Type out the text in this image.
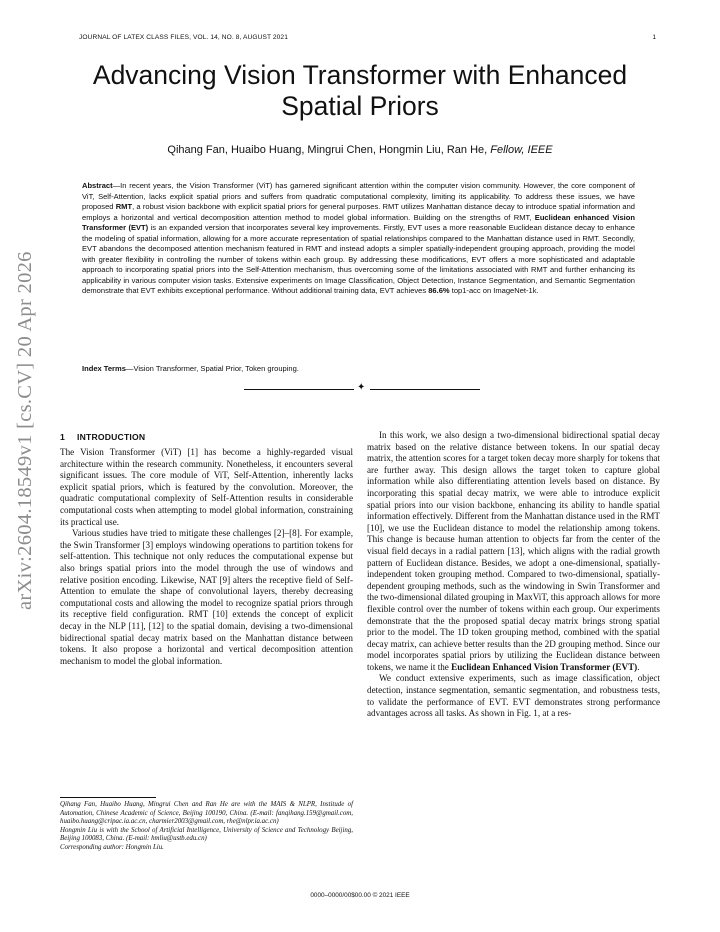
JOURNAL OF LATEX CLASS FILES, VOL. 14, NO. 8, AUGUST 2021	1
arXiv:2604.18549v1 [cs.CV] 20 Apr 2026
Advancing Vision Transformer with Enhanced Spatial Priors
Qihang Fan, Huaibo Huang, Mingrui Chen, Hongmin Liu, Ran He, Fellow, IEEE

Abstract—In recent years, the Vision Transformer (ViT) has garnered significant attention within the computer vision community. However, the core component of ViT, Self-Attention, lacks explicit spatial priors and suffers from quadratic computational complexity, limiting its applicability. To address these issues, we have proposed RMT, a robust vision backbone with explicit spatial priors for general purposes. RMT utilizes Manhattan distance decay to introduce spatial information and employs a horizontal and vertical decomposition attention method to model global information. Building on the strengths of RMT, Euclidean enhanced Vision Transformer (EVT) is an expanded version that incorporates several key improvements. Firstly, EVT uses a more reasonable Euclidean distance decay to enhance the modeling of spatial information, allowing for a more accurate representation of spatial relationships compared to the Manhattan distance used in RMT. Secondly, EVT abandons the decomposed attention mechanism featured in RMT and instead adopts a simpler spatially-independent grouping approach, providing the model with greater flexibility in controlling the number of tokens within each group. By addressing these modifications, EVT offers a more sophisticated and adaptable approach to incorporating spatial priors into the Self-Attention mechanism, thus overcoming some of the limitations associated with RMT and further enhancing its applicability in various computer vision tasks. Extensive experiments on Image Classification, Object Detection, Instance Segmentation, and Semantic Segmentation demonstrate that EVT exhibits exceptional performance. Without additional training data, EVT achieves 86.6% top1-acc on ImageNet-1k.

Index Terms—Vision Transformer, Spatial Prior, Token grouping.
✦
1 INTRODUCTION

The Vision Transformer (ViT) [1] has become a highly-regarded visual architecture within the research community. Nonetheless, it encounters several significant issues. The core module of ViT, Self-Attention, inherently lacks explicit spatial priors, which is featured by the convolution. Moreover, the quadratic computational complexity of Self-Attention results in considerable computational costs when attempting to model global information, constraining its practical use.

Various studies have tried to mitigate these challenges [2]–[8]. For example, the Swin Transformer [3] employs windowing operations to partition tokens for self-attention. This technique not only reduces the computational expense but also brings spatial priors into the model through the use of windows and relative position encoding. Likewise, NAT [9] alters the receptive field of Self-Attention to emulate the shape of convolutional layers, thereby decreasing computational costs and allowing the model to recognize spatial priors through its receptive field configuration. RMT [10] extends the concept of explicit decay in the NLP [11], [12] to the spatial domain, devising a two-dimensional bidirectional spatial decay matrix based on the Manhattan distance between tokens. It also propose a horizontal and vertical decomposition attention mechanism to model the global information.

Qihang Fan, Huaibo Huang, Mingrui Chen and Ran He are with the MAIS & NLPR, Institude of Automation, Chinese Academic of Science, Beijing 100190, China. (E-mail: fanqihang.159@gmail.com, huaibo.huang@cripac.ia.ac.cn, charmier2003@gmail.com, rhe@nlpr.ia.ac.cn)

Hongmin Liu is with the School of Artificial Intelligence, University of Science and Technology Beijing, Beijing 100083, China. (E-mail: hmliu@ustb.edu.cn)

Corresponding author: Hongmin Liu.

In this work, we also design a two-dimensional bidirectional spatial decay matrix based on the relative distance between tokens. In our spatial decay matrix, the attention scores for a target token decay more sharply for tokens that are further away. This design allows the target token to capture global information while also differentiating attention levels based on distance. By incorporating this spatial decay matrix, we were able to introduce explicit spatial priors into our vision backbone, enhancing its ability to handle spatial information effectively. Different from the Manhattan distance used in the RMT [10], we use the Euclidean distance to model the relationship among tokens. This change is because human attention to objects far from the center of the visual field decays in a radial pattern [13], which aligns with the radial growth pattern of Euclidean distance. Besides, we adopt a one-dimensional, spatially-independent token grouping method. Compared to two-dimensional, spatially-dependent grouping methods, such as the windowing in Swin Transformer and the two-dimensional dilated grouping in MaxViT, this approach allows for more flexible control over the number of tokens within each group. Our experiments demonstrate that the the proposed spatial decay matrix brings strong spatial prior to the model. The 1D token grouping method, combined with the spatial decay matrix, can achieve better results than the 2D grouping method. Since our model incorporates spatial priors by utilizing the Euclidean distance between tokens, we name it the Euclidean Enhanced Vision Transformer (EVT).

We conduct extensive experiments, such as image classification, object detection, instance segmentation, semantic segmentation, and robustness tests, to validate the performance of EVT. EVT demonstrates strong performance advantages across all tasks. As shown in Fig. 1, at a res-

0000–0000/00$00.00 © 2021 IEEE
